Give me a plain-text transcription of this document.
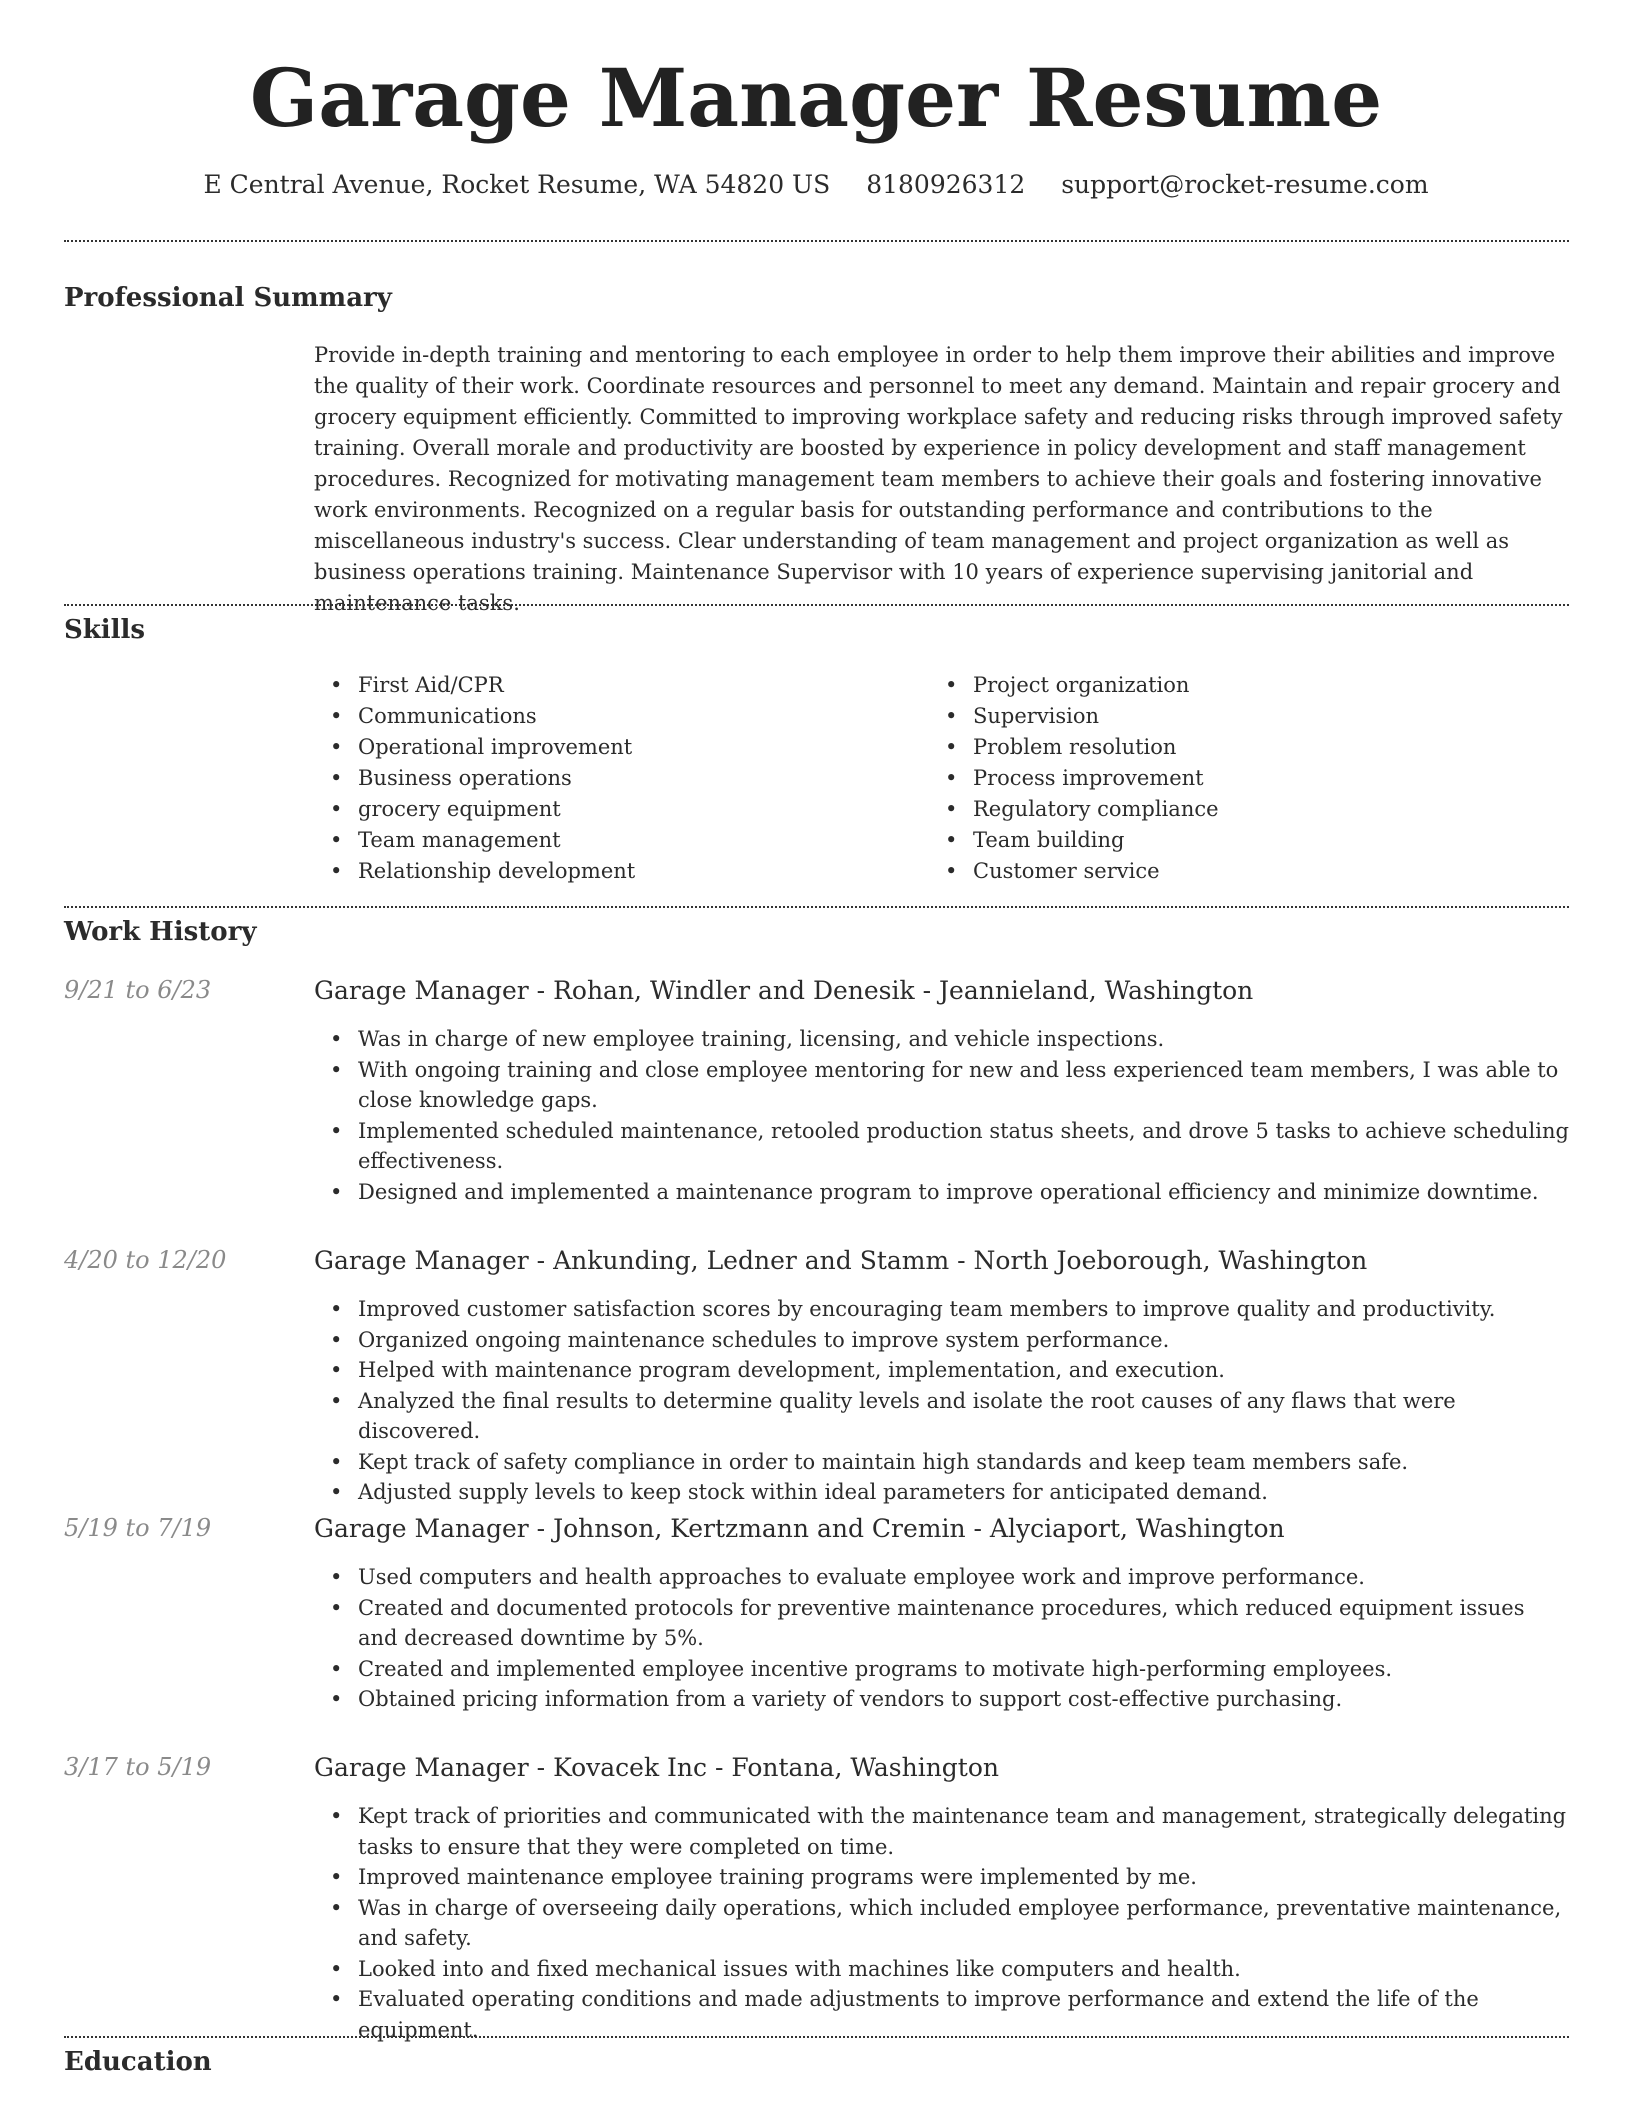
Garage Manager Resume
E Central Avenue, Rocket Resume, WA 54820 US 8180926312 support@rocket-resume.com
Professional Summary

Provide in-depth training and mentoring to each employee in order to help them improve their abilities and improve the quality of their work. Coordinate resources and personnel to meet any demand. Maintain and repair grocery and grocery equipment efficiently. Committed to improving workplace safety and reducing risks through improved safety training. Overall morale and productivity are boosted by experience in policy development and staff management procedures. Recognized for motivating management team members to achieve their goals and fostering innovative work environments. Recognized on a regular basis for outstanding performance and contributions to the miscellaneous industry's success. Clear understanding of team management and project organization as well as business operations training. Maintenance Supervisor with 10 years of experience supervising janitorial and maintenance tasks.

Skills
• First Aid/CPR
• Communications
• Operational improvement
• Business operations
• grocery equipment
• Team management
• Relationship development
• Project organization
• Supervision
• Problem resolution
• Process improvement
• Regulatory compliance
• Team building
• Customer service
Work History
9/21 to 6/23	Garage Manager - Rohan, Windler and Denesik - Jeannieland, Washington
• Was in charge of new employee training, licensing, and vehicle inspections.
• With ongoing training and close employee mentoring for new and less experienced team members, I was able to close knowledge gaps.
• Implemented scheduled maintenance, retooled production status sheets, and drove 5 tasks to achieve scheduling effectiveness.
• Designed and implemented a maintenance program to improve operational efficiency and minimize downtime.
4/20 to 12/20	Garage Manager - Ankunding, Ledner and Stamm - North Joeborough, Washington
• Improved customer satisfaction scores by encouraging team members to improve quality and productivity.
• Organized ongoing maintenance schedules to improve system performance.
• Helped with maintenance program development, implementation, and execution.
• Analyzed the final results to determine quality levels and isolate the root causes of any flaws that were discovered.
• Kept track of safety compliance in order to maintain high standards and keep team members safe.
• Adjusted supply levels to keep stock within ideal parameters for anticipated demand.
5/19 to 7/19	Garage Manager - Johnson, Kertzmann and Cremin - Alyciaport, Washington
• Used computers and health approaches to evaluate employee work and improve performance.
• Created and documented protocols for preventive maintenance procedures, which reduced equipment issues and decreased downtime by 5%.
• Created and implemented employee incentive programs to motivate high-performing employees.
• Obtained pricing information from a variety of vendors to support cost-effective purchasing.
3/17 to 5/19	Garage Manager - Kovacek Inc - Fontana, Washington
• Kept track of priorities and communicated with the maintenance team and management, strategically delegating tasks to ensure that they were completed on time.
• Improved maintenance employee training programs were implemented by me.
• Was in charge of overseeing daily operations, which included employee performance, preventative maintenance, and safety.
• Looked into and fixed mechanical issues with machines like computers and health.
• Evaluated operating conditions and made adjustments to improve performance and extend the life of the equipment.
Education
